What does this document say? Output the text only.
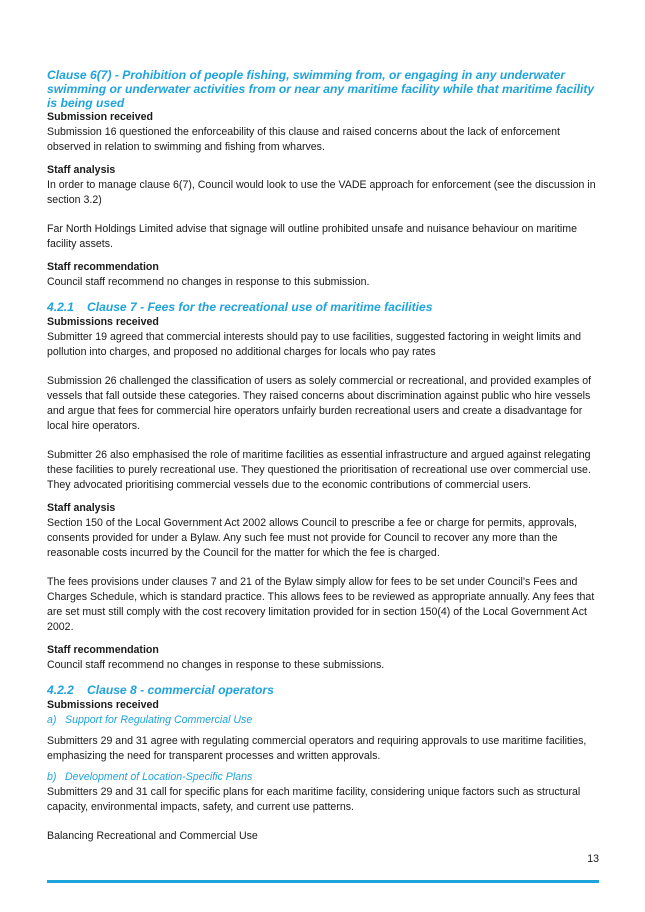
Clause 6(7) - Prohibition of people fishing, swimming from, or engaging in any underwater swimming or underwater activities from or near any maritime facility while that maritime facility is being used

Submission received

Submission 16 questioned the enforceability of this clause and raised concerns about the lack of enforcement observed in relation to swimming and fishing from wharves.

Staff analysis

In order to manage clause 6(7), Council would look to use the VADE approach for enforcement (see the discussion in section 3.2)

Far North Holdings Limited advise that signage will outline prohibited unsafe and nuisance behaviour on maritime facility assets.

Staff recommendation

Council staff recommend no changes in response to this submission.

4.2.1 Clause 7 - Fees for the recreational use of maritime facilities

Submissions received

Submitter 19 agreed that commercial interests should pay to use facilities, suggested factoring in weight limits and pollution into charges, and proposed no additional charges for locals who pay rates

Submission 26 challenged the classification of users as solely commercial or recreational, and provided examples of vessels that fall outside these categories. They raised concerns about discrimination against public who hire vessels and argue that fees for commercial hire operators unfairly burden recreational users and create a disadvantage for local hire operators.

Submitter 26 also emphasised the role of maritime facilities as essential infrastructure and argued against relegating these facilities to purely recreational use. They questioned the prioritisation of recreational use over commercial use. They advocated prioritising commercial vessels due to the economic contributions of commercial users.

Staff analysis

Section 150 of the Local Government Act 2002 allows Council to prescribe a fee or charge for permits, approvals, consents provided for under a Bylaw. Any such fee must not provide for Council to recover any more than the reasonable costs incurred by the Council for the matter for which the fee is charged.

The fees provisions under clauses 7 and 21 of the Bylaw simply allow for fees to be set under Council’s Fees and Charges Schedule, which is standard practice. This allows fees to be reviewed as appropriate annually. Any fees that are set must still comply with the cost recovery limitation provided for in section 150(4) of the Local Government Act 2002.

Staff recommendation

Council staff recommend no changes in response to these submissions.

4.2.2 Clause 8 - commercial operators

Submissions received

a) Support for Regulating Commercial Use

Submitters 29 and 31 agree with regulating commercial operators and requiring approvals to use maritime facilities, emphasizing the need for transparent processes and written approvals.

b) Development of Location-Specific Plans

Submitters 29 and 31 call for specific plans for each maritime facility, considering unique factors such as structural capacity, environmental impacts, safety, and current use patterns.

Balancing Recreational and Commercial Use

13
